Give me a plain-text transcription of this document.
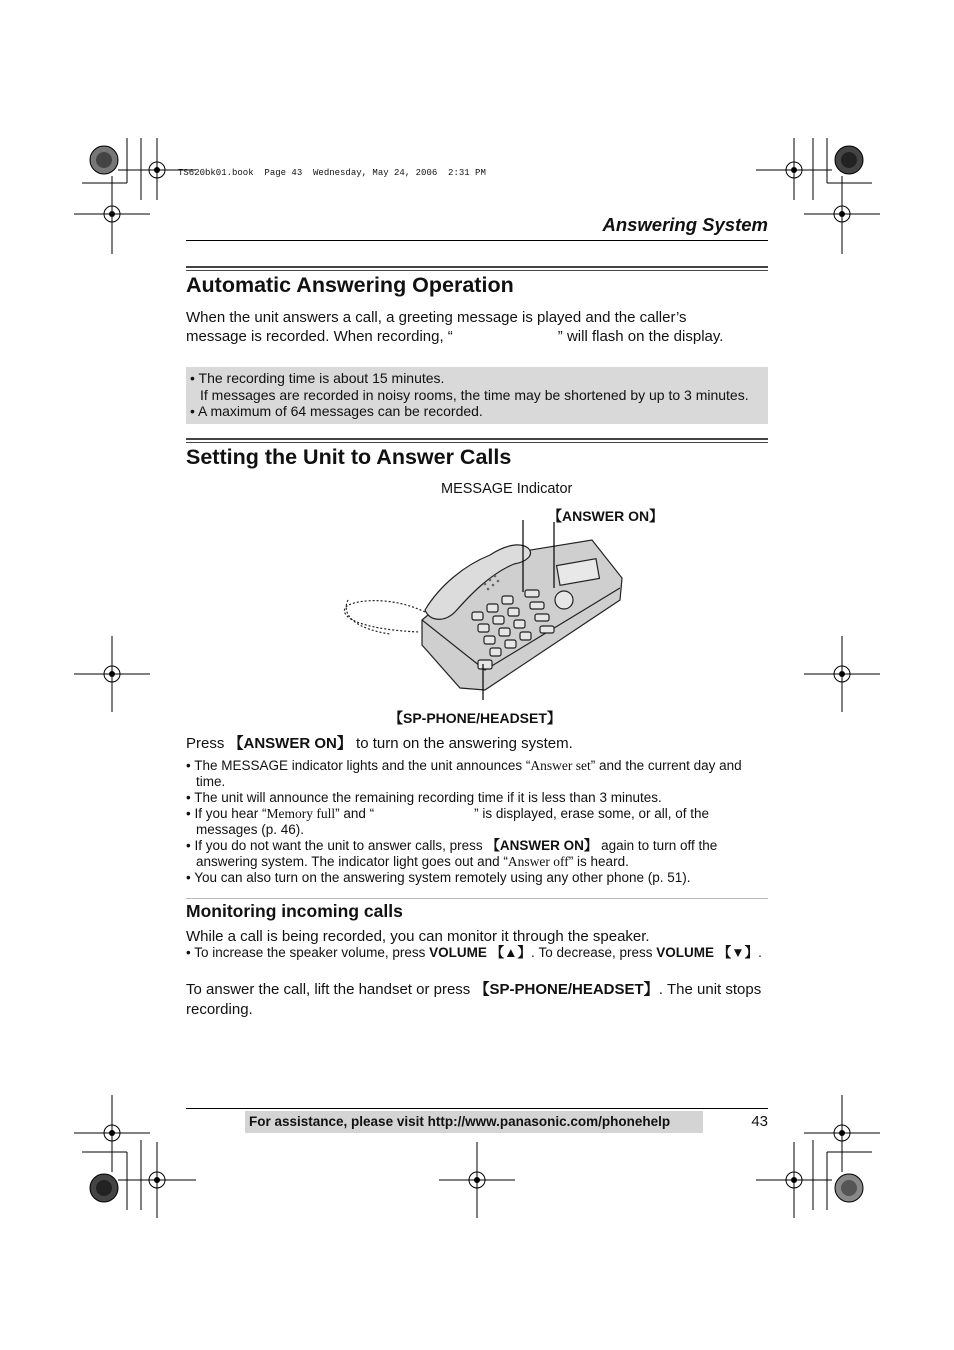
TS620bk01.book  Page 43  Wednesday, May 24, 2006  2:31 PM
Answering System
Automatic Answering Operation
When the unit answers a call, a greeting message is played and the caller’s
message is recorded. When recording, “	” will flash on the display.
• The recording time is about 15 minutes.
If messages are recorded in noisy rooms, the time may be shortened by up to 3 minutes.
• A maximum of 64 messages can be recorded.
Setting the Unit to Answer Calls
MESSAGE Indicator
【ANSWER ON】
【SP-PHONE/HEADSET】
Press 【ANSWER ON】 to turn on the answering system.
• The MESSAGE indicator lights and the unit announces “Answer set” and the current day and time.
• The unit will announce the remaining recording time if it is less than 3 minutes.
• If you hear “Memory full” and “	” is displayed, erase some, or all, of the messages (p. 46).
• If you do not want the unit to answer calls, press 【ANSWER ON】 again to turn off the answering system. The indicator light goes out and “Answer off” is heard.
• You can also turn on the answering system remotely using any other phone (p. 51).
Monitoring incoming calls
While a call is being recorded, you can monitor it through the speaker.
• To increase the speaker volume, press VOLUME 【▲】. To decrease, press VOLUME 【▼】.
To answer the call, lift the handset or press 【SP-PHONE/HEADSET】. The unit stops recording.
For assistance, please visit http://www.panasonic.com/phonehelp	43
